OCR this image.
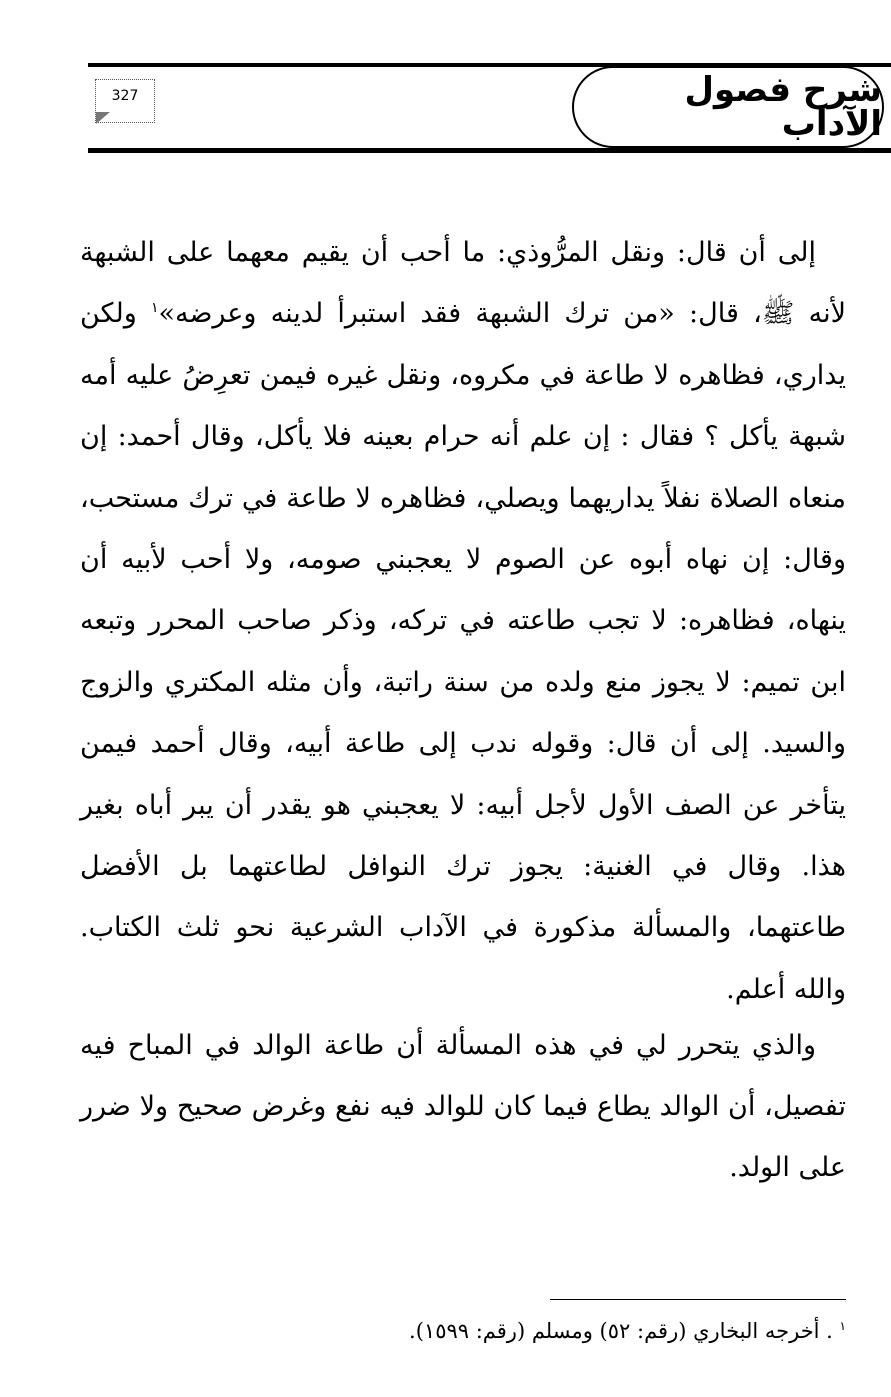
327	شرح فصول الآداب

إلى أن قال: ونقل المرُّوذي: ما أحب أن يقيم معهما على الشبهة لأنه ﷺ، قال: «من ترك الشبهة فقد استبرأ لدينه وعرضه»$^١$ ولكن يداري، فظاهره لا طاعة في مكروه، ونقل غيره فيمن تعرِضُ عليه أمه شبهة يأكل ؟ فقال : إن علم أنه حرام بعينه فلا يأكل، وقال أحمد: إن منعاه الصلاة نفلاً يداريهما ويصلي، فظاهره لا طاعة في ترك مستحب، وقال: إن نهاه أبوه عن الصوم لا يعجبني صومه، ولا أحب لأبيه أن ينهاه، فظاهره: لا تجب طاعته في تركه، وذكر صاحب المحرر وتبعه ابن تميم: لا يجوز منع ولده من سنة راتبة، وأن مثله المكتري والزوج والسيد. إلى أن قال: وقوله ندب إلى طاعة أبيه، وقال أحمد فيمن يتأخر عن الصف الأول لأجل أبيه: لا يعجبني هو يقدر أن يبر أباه بغير هذا. وقال في الغنية: يجوز ترك النوافل لطاعتهما بل الأفضل طاعتهما، والمسألة مذكورة في الآداب الشرعية نحو ثلث الكتاب. والله أعلم.

والذي يتحرر لي في هذه المسألة أن طاعة الوالد في المباح فيه تفصيل، أن الوالد يطاع فيما كان للوالد فيه نفع وغرض صحيح ولا ضرر على الولد.

$^١$ . أخرجه البخاري (رقم: ٥٢) ومسلم (رقم: ١٥٩٩).
